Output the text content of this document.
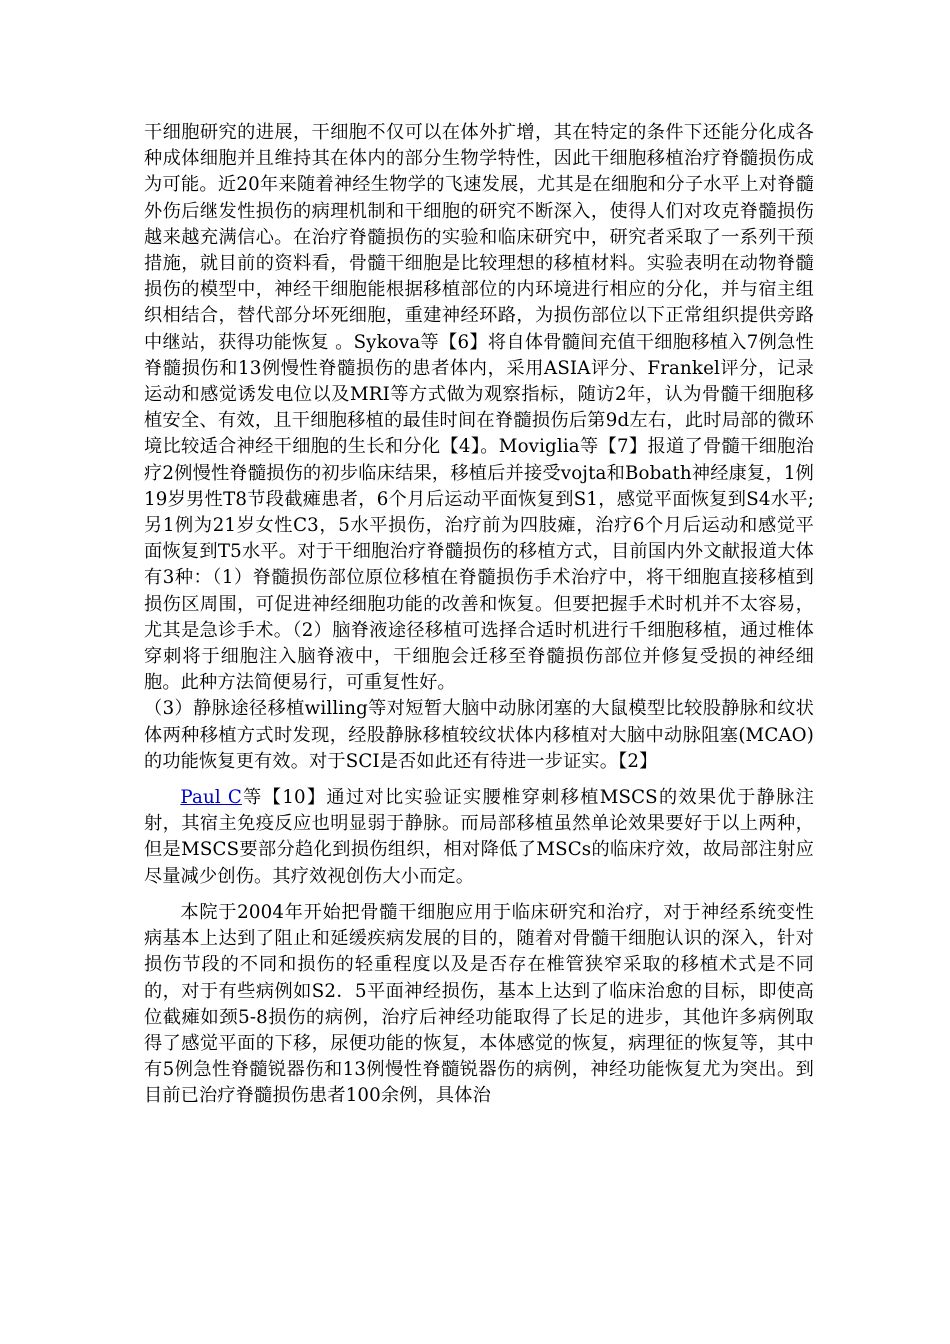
干细胞研究的进展，干细胞不仅可以在体外扩增，其在特定的条件下还能分化成各种成体细胞并且维持其在体内的部分生物学特性，因此干细胞移植治疗脊髓损伤成为可能。近20年来随着神经生物学的飞速发展，尤其是在细胞和分子水平上对脊髓外伤后继发性损伤的病理机制和干细胞的研究不断深入，使得人们对攻克脊髓损伤越来越充满信心。在治疗脊髓损伤的实验和临床研究中，研究者采取了一系列干预措施，就目前的资料看，骨髓干细胞是比较理想的移植材料。实验表明在动物脊髓损伤的模型中，神经干细胞能根据移植部位的内环境进行相应的分化，并与宿主组织相结合，替代部分坏死细胞，重建神经环路，为损伤部位以下正常组织提供旁路中继站，获得功能恢复 。Sykova等【6】将自体骨髓间充值干细胞移植入7例急性脊髓损伤和13例慢性脊髓损伤的患者体内，采用ASIA评分、Frankel评分，记录运动和感觉诱发电位以及MRI等方式做为观察指标，随访2年，认为骨髓干细胞移植安全、有效，且干细胞移植的最佳时间在脊髓损伤后第9d左右，此时局部的微环境比较适合神经干细胞的生长和分化【4】。Moviglia等【7】报道了骨髓干细胞治疗2例慢性脊髓损伤的初步临床结果，移植后并接受vojta和Bobath神经康复，1例19岁男性T8节段截瘫患者，6个月后运动平面恢复到S1，感觉平面恢复到S4水平; 另1例为21岁女性C3，5水平损伤，治疗前为四肢瘫，治疗6个月后运动和感觉平面恢复到T5水平。对于干细胞治疗脊髓损伤的移植方式，目前国内外文献报道大体有3种：（1）脊髓损伤部位原位移植在脊髓损伤手术治疗中，将干细胞直接移植到损伤区周围，可促进神经细胞功能的改善和恢复。但要把握手术时机并不太容易，尤其是急诊手术。（2）脑脊液途径移植可选择合适时机进行千细胞移植，通过椎体穿刺将于细胞注入脑脊液中，干细胞会迁移至脊髓损伤部位并修复受损的神经细胞。此种方法简便易行，可重复性好。

（3）静脉途径移植willing等对短暂大脑中动脉闭塞的大鼠模型比较股静脉和纹状体两种移植方式时发现，经股静脉移植较纹状体内移植对大脑中动脉阻塞(MCAO)的功能恢复更有效。对于SCI是否如此还有待进一步证实。【2】

Paul C等【10】通过对比实验证实腰椎穿刺移植MSCS的效果优于静脉注射，其宿主免疫反应也明显弱于静脉。而局部移植虽然单论效果要好于以上两种，但是MSCS要部分趋化到损伤组织，相对降低了MSCs的临床疗效，故局部注射应尽量减少创伤。其疗效视创伤大小而定。

本院于2004年开始把骨髓干细胞应用于临床研究和治疗，对于神经系统变性病基本上达到了阻止和延缓疾病发展的目的，随着对骨髓干细胞认识的深入，针对损伤节段的不同和损伤的轻重程度以及是否存在椎管狭窄采取的移植术式是不同的，对于有些病例如S2．5平面神经损伤，基本上达到了临床治愈的目标，即使高位截瘫如颈5-8损伤的病例，治疗后神经功能取得了长足的进步，其他许多病例取得了感觉平面的下移，尿便功能的恢复，本体感觉的恢复，病理征的恢复等，其中有5例急性脊髓锐器伤和13例慢性脊髓锐器伤的病例，神经功能恢复尤为突出。到目前已治疗脊髓损伤患者100余例，具体治
